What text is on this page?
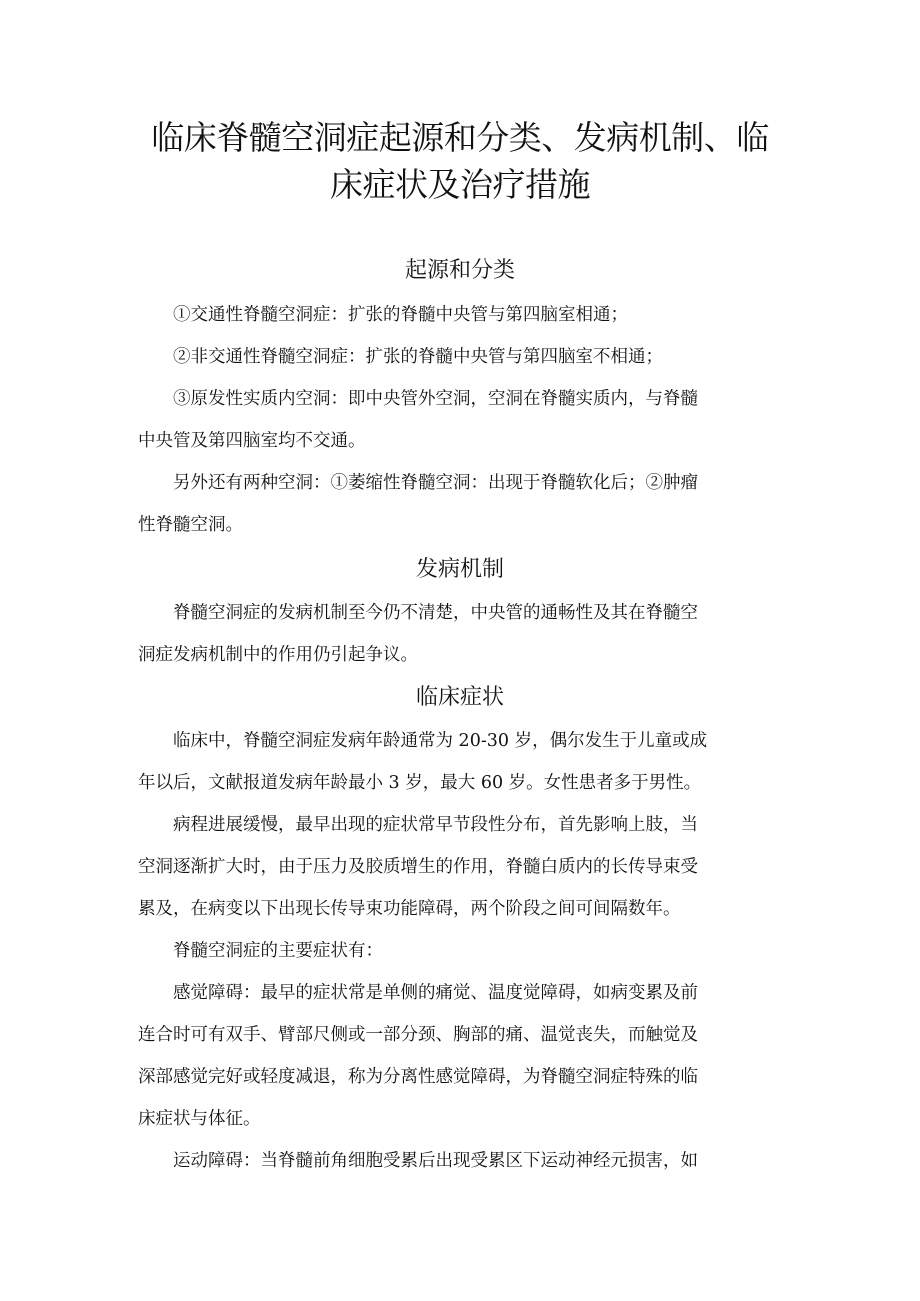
临床脊髓空洞症起源和分类、发病机制、临
床症状及治疗措施
起源和分类
①交通性脊髓空洞症：扩张的脊髓中央管与第四脑室相通；
②非交通性脊髓空洞症：扩张的脊髓中央管与第四脑室不相通；
③原发性实质内空洞：即中央管外空洞，空洞在脊髓实质内，与脊髓
中央管及第四脑室均不交通。
另外还有两种空洞：①萎缩性脊髓空洞：出现于脊髓软化后；②肿瘤
性脊髓空洞。
发病机制
脊髓空洞症的发病机制至今仍不清楚，中央管的通畅性及其在脊髓空
洞症发病机制中的作用仍引起争议。
临床症状
临床中，脊髓空洞症发病年龄通常为 20-30 岁，偶尔发生于儿童或成
年以后，文献报道发病年龄最小 3 岁，最大 60 岁。女性患者多于男性。
病程进展缓慢，最早出现的症状常早节段性分布，首先影响上肢，当
空洞逐渐扩大时，由于压力及胶质增生的作用，脊髓白质内的长传导束受
累及，在病变以下出现长传导束功能障碍，两个阶段之间可间隔数年。
脊髓空洞症的主要症状有：
感觉障碍：最早的症状常是单侧的痛觉、温度觉障碍，如病变累及前
连合时可有双手、臂部尺侧或一部分颈、胸部的痛、温觉丧失，而触觉及
深部感觉完好或轻度减退，称为分离性感觉障碍，为脊髓空洞症特殊的临
床症状与体征。
运动障碍：当脊髓前角细胞受累后出现受累区下运动神经元损害，如
